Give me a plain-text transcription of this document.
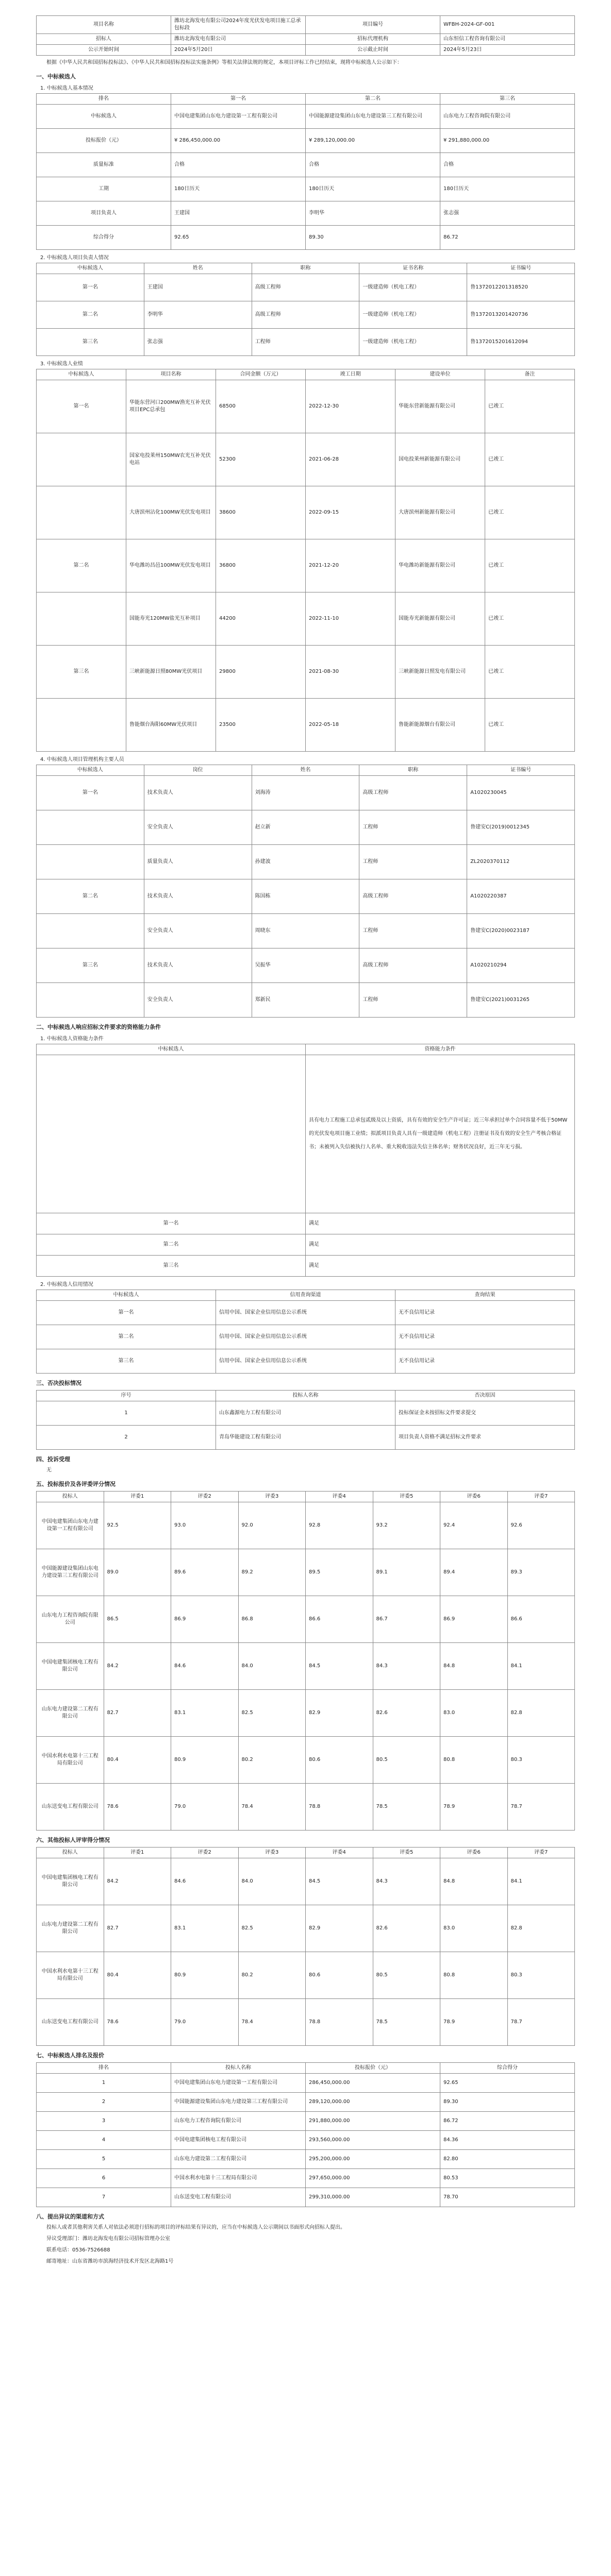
项目名称	潍坊北海发电有限公司2024年度光伏发电项目施工总承包标段	项目编号	WFBH-2024-GF-001
招标人	潍坊北海发电有限公司	招标代理机构	山东恒信工程咨询有限公司
公示开始时间	2024年5月20日	公示截止时间	2024年5月23日

根据《中华人民共和国招标投标法》、《中华人民共和国招标投标法实施条例》等相关法律法规的规定，本项目评标工作已经结束，现将中标候选人公示如下：

一、中标候选人
1. 中标候选人基本情况
排名	第一名	第二名	第三名
中标候选人	中国电建集团山东电力建设第一工程有限公司	中国能源建设集团山东电力建设第三工程有限公司	山东电力工程咨询院有限公司
投标报价（元）	¥ 286,450,000.00	¥ 289,120,000.00	¥ 291,880,000.00
质量标准	合格	合格	合格
工期	180日历天	180日历天	180日历天
项目负责人	王建国	李明华	张志强
综合得分	92.65	89.30	86.72
2. 中标候选人项目负责人情况
中标候选人	姓名	职称	证书名称	证书编号
第一名	王建国	高级工程师	一级建造师（机电工程）	鲁1372012201318520
第二名	李明华	高级工程师	一级建造师（机电工程）	鲁1372013201420736
第三名	张志强	工程师	一级建造师（机电工程）	鲁1372015201612094
3. 中标候选人业绩
中标候选人	项目名称	合同金额（万元）	竣工日期	建设单位	备注
第一名	华能东营河口200MW渔光互补光伏项目EPC总承包	68500	2022-12-30	华能东营新能源有限公司	已竣工
	国家电投莱州150MW农光互补光伏电站	52300	2021-06-28	国电投莱州新能源有限公司	已竣工
	大唐滨州沾化100MW光伏发电项目	38600	2022-09-15	大唐滨州新能源有限公司	已竣工
第二名	华电潍坊昌邑100MW光伏发电项目	36800	2021-12-20	华电潍坊新能源有限公司	已竣工
	国能寿光120MW盐光互补项目	44200	2022-11-10	国能寿光新能源有限公司	已竣工
第三名	三峡新能源日照80MW光伏项目	29800	2021-08-30	三峡新能源日照发电有限公司	已竣工
	鲁能烟台海阳60MW光伏项目	23500	2022-05-18	鲁能新能源烟台有限公司	已竣工
4. 中标候选人项目管理机构主要人员
中标候选人	岗位	姓名	职称	证书编号
第一名	技术负责人	刘海涛	高级工程师	A1020230045
	安全负责人	赵立新	工程师	鲁建安C(2019)0012345
	质量负责人	孙建波	工程师	ZL2020370112
第二名	技术负责人	陈国栋	高级工程师	A1020220387
	安全负责人	周晓东	工程师	鲁建安C(2020)0023187
第三名	技术负责人	吴振华	高级工程师	A1020210294
	安全负责人	郑新民	工程师	鲁建安C(2021)0031265
二、中标候选人响应招标文件要求的资格能力条件
1. 中标候选人资格能力条件
中标候选人	资格能力条件
	具有电力工程施工总承包贰级及以上资质，具有有效的安全生产许可证；近三年承担过单个合同容量不低于50MW的光伏发电项目施工业绩；拟派项目负责人具有一级建造师（机电工程）注册证书及有效的安全生产考核合格证书；未被列入失信被执行人名单、重大税收违法失信主体名单；财务状况良好，近三年无亏损。
第一名	满足
第二名	满足
第三名	满足
2. 中标候选人信用情况
中标候选人	信用查询渠道	查询结果
第一名	信用中国、国家企业信用信息公示系统	无不良信用记录
第二名	信用中国、国家企业信用信息公示系统	无不良信用记录
第三名	信用中国、国家企业信用信息公示系统	无不良信用记录
三、否决投标情况
序号	投标人名称	否决原因
1	山东鑫源电力工程有限公司	投标保证金未按招标文件要求提交
2	青岛华能建设工程有限公司	项目负责人资格不满足招标文件要求
四、投诉受理

无

五、投标报价及各评委评分情况
投标人	评委1	评委2	评委3	评委4	评委5	评委6	评委7
中国电建集团山东电力建设第一工程有限公司	92.5	93.0	92.0	92.8	93.2	92.4	92.6
中国能源建设集团山东电力建设第三工程有限公司	89.0	89.6	89.2	89.5	89.1	89.4	89.3
山东电力工程咨询院有限公司	86.5	86.9	86.8	86.6	86.7	86.9	86.6
中国电建集团核电工程有限公司	84.2	84.6	84.0	84.5	84.3	84.8	84.1
山东电力建设第二工程有限公司	82.7	83.1	82.5	82.9	82.6	83.0	82.8
中国水利水电第十三工程局有限公司	80.4	80.9	80.2	80.6	80.5	80.8	80.3
山东送变电工程有限公司	78.6	79.0	78.4	78.8	78.5	78.9	78.7
六、其他投标人评审得分情况
投标人	评委1	评委2	评委3	评委4	评委5	评委6	评委7
中国电建集团核电工程有限公司	84.2	84.6	84.0	84.5	84.3	84.8	84.1
山东电力建设第二工程有限公司	82.7	83.1	82.5	82.9	82.6	83.0	82.8
中国水利水电第十三工程局有限公司	80.4	80.9	80.2	80.6	80.5	80.8	80.3
山东送变电工程有限公司	78.6	79.0	78.4	78.8	78.5	78.9	78.7
七、中标候选人排名及报价
排名	投标人名称	投标报价（元）	综合得分
1	中国电建集团山东电力建设第一工程有限公司	286,450,000.00	92.65
2	中国能源建设集团山东电力建设第三工程有限公司	289,120,000.00	89.30
3	山东电力工程咨询院有限公司	291,880,000.00	86.72
4	中国电建集团核电工程有限公司	293,560,000.00	84.36
5	山东电力建设第二工程有限公司	295,200,000.00	82.80
6	中国水利水电第十三工程局有限公司	297,650,000.00	80.53
7	山东送变电工程有限公司	299,310,000.00	78.70
八、提出异议的渠道和方式

投标人或者其他利害关系人对依法必须进行招标的项目的评标结果有异议的，应当在中标候选人公示期间以书面形式向招标人提出。

异议受理部门：潍坊北海发电有限公司招标管理办公室

联系电话：0536-7526688

邮寄地址：山东省潍坊市滨海经济技术开发区北海路1号
